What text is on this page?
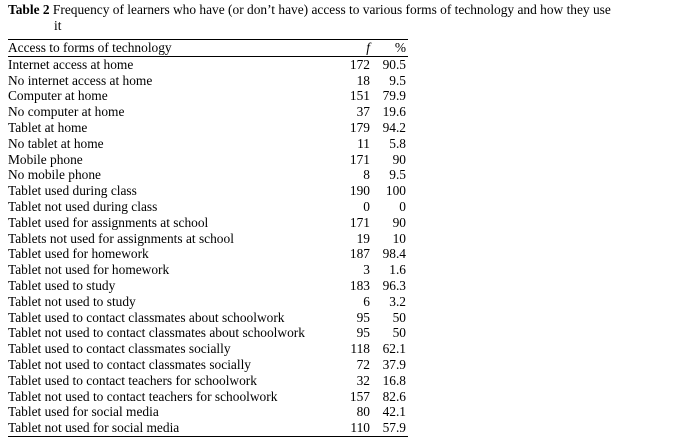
Table 2 Frequency of learners who have (or don’t have) access to various forms of technology and how they use
it
Access to forms of technology	f	%
Internet access at home	172	90.5
No internet access at home	18	9.5
Computer at home	151	79.9
No computer at home	37	19.6
Tablet at home	179	94.2
No tablet at home	11	5.8
Mobile phone	171	90
No mobile phone	8	9.5
Tablet used during class	190	100
Tablet not used during class	0	0
Tablet used for assignments at school	171	90
Tablets not used for assignments at school	19	10
Tablet used for homework	187	98.4
Tablet not used for homework	3	1.6
Tablet used to study	183	96.3
Tablet not used to study	6	3.2
Tablet used to contact classmates about schoolwork	95	50
Tablet not used to contact classmates about schoolwork	95	50
Tablet used to contact classmates socially	118	62.1
Tablet not used to contact classmates socially	72	37.9
Tablet used to contact teachers for schoolwork	32	16.8
Tablet not used to contact teachers for schoolwork	157	82.6
Tablet used for social media	80	42.1
Tablet not used for social media	110	57.9
